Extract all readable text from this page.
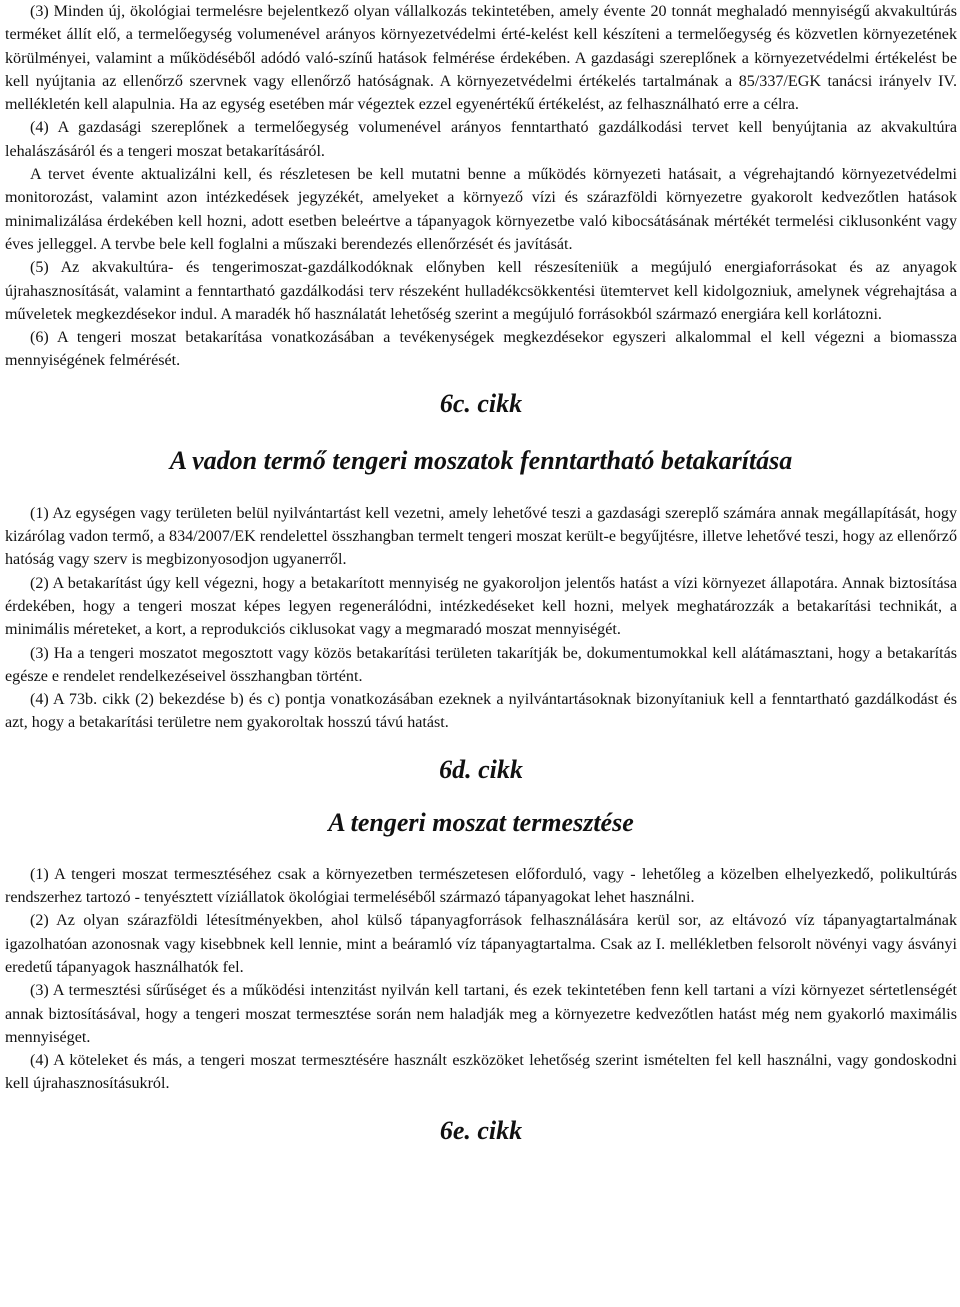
(3) Minden új, ökológiai termelésre bejelentkező olyan vállalkozás tekintetében, amely évente 20 tonnát meghaladó mennyiségű akvakultúrás terméket állít elő, a termelőegység volumenével arányos környezetvédelmi érté-kelést kell készíteni a termelőegység és közvetlen környezetének körülményei, valamint a működéséből adódó való-színű hatások felmérése érdekében. A gazdasági szereplőnek a környezetvédelmi értékelést be kell nyújtania az ellenőrző szervnek vagy ellenőrző hatóságnak. A környezetvédelmi értékelés tartalmának a 85/337/EGK tanácsi irányelv IV. mellékletén kell alapulnia. Ha az egység esetében már végeztek ezzel egyenértékű értékelést, az felhasználható erre a célra.

(4) A gazdasági szereplőnek a termelőegység volumenével arányos fenntartható gazdálkodási tervet kell benyújtania az akvakultúra lehalászásáról és a tengeri moszat betakarításáról.

A tervet évente aktualizálni kell, és részletesen be kell mutatni benne a működés környezeti hatásait, a végrehajtandó környezetvédelmi monitorozást, valamint azon intézkedések jegyzékét, amelyeket a környező vízi és szárazföldi környezetre gyakorolt kedvezőtlen hatások minimalizálása érdekében kell hozni, adott esetben beleértve a tápanyagok környezetbe való kibocsátásának mértékét termelési ciklusonként vagy éves jelleggel. A tervbe bele kell foglalni a műszaki berendezés ellenőrzését és javítását.

(5) Az akvakultúra- és tengerimoszat-gazdálkodóknak előnyben kell részesíteniük a megújuló energiaforrásokat és az anyagok újrahasznosítását, valamint a fenntartható gazdálkodási terv részeként hulladékcsökkentési ütemtervet kell kidolgozniuk, amelynek végrehajtása a műveletek megkezdésekor indul. A maradék hő használatát lehetőség szerint a megújuló forrásokból származó energiára kell korlátozni.

(6) A tengeri moszat betakarítása vonatkozásában a tevékenységek megkezdésekor egyszeri alkalommal el kell végezni a biomassza mennyiségének felmérését.

6c. cikk
A vadon termő tengeri moszatok fenntartható betakarítása

(1) Az egységen vagy területen belül nyilvántartást kell vezetni, amely lehetővé teszi a gazdasági szereplő számára annak megállapítását, hogy kizárólag vadon termő, a 834/2007/EK rendelettel összhangban termelt tengeri moszat került-e begyűjtésre, illetve lehetővé teszi, hogy az ellenőrző hatóság vagy szerv is megbizonyosodjon ugyanerről.

(2) A betakarítást úgy kell végezni, hogy a betakarított mennyiség ne gyakoroljon jelentős hatást a vízi környezet állapotára. Annak biztosítása érdekében, hogy a tengeri moszat képes legyen regenerálódni, intézkedéseket kell hozni, melyek meghatározzák a betakarítási technikát, a minimális méreteket, a kort, a reprodukciós ciklusokat vagy a megmaradó moszat mennyiségét.

(3) Ha a tengeri moszatot megosztott vagy közös betakarítási területen takarítják be, dokumentumokkal kell alátámasztani, hogy a betakarítás egésze e rendelet rendelkezéseivel összhangban történt.

(4) A 73b. cikk (2) bekezdése b) és c) pontja vonatkozásában ezeknek a nyilvántartásoknak bizonyítaniuk kell a fenntartható gazdálkodást és azt, hogy a betakarítási területre nem gyakoroltak hosszú távú hatást.

6d. cikk
A tengeri moszat termesztése

(1) A tengeri moszat termesztéséhez csak a környezetben természetesen előforduló, vagy - lehetőleg a közelben elhelyezkedő, polikultúrás rendszerhez tartozó - tenyésztett víziállatok ökológiai termeléséből származó tápanyagokat lehet használni.

(2) Az olyan szárazföldi létesítményekben, ahol külső tápanyagforrások felhasználására kerül sor, az eltávozó víz tápanyagtartalmának igazolhatóan azonosnak vagy kisebbnek kell lennie, mint a beáramló víz tápanyagtartalma. Csak az I. mellékletben felsorolt növényi vagy ásványi eredetű tápanyagok használhatók fel.

(3) A termesztési sűrűséget és a működési intenzitást nyilván kell tartani, és ezek tekintetében fenn kell tartani a vízi környezet sértetlenségét annak biztosításával, hogy a tengeri moszat termesztése során nem haladják meg a környezetre kedvezőtlen hatást még nem gyakorló maximális mennyiséget.

(4) A köteleket és más, a tengeri moszat termesztésére használt eszközöket lehetőség szerint ismételten fel kell használni, vagy gondoskodni kell újrahasznosításukról.

6e. cikk
